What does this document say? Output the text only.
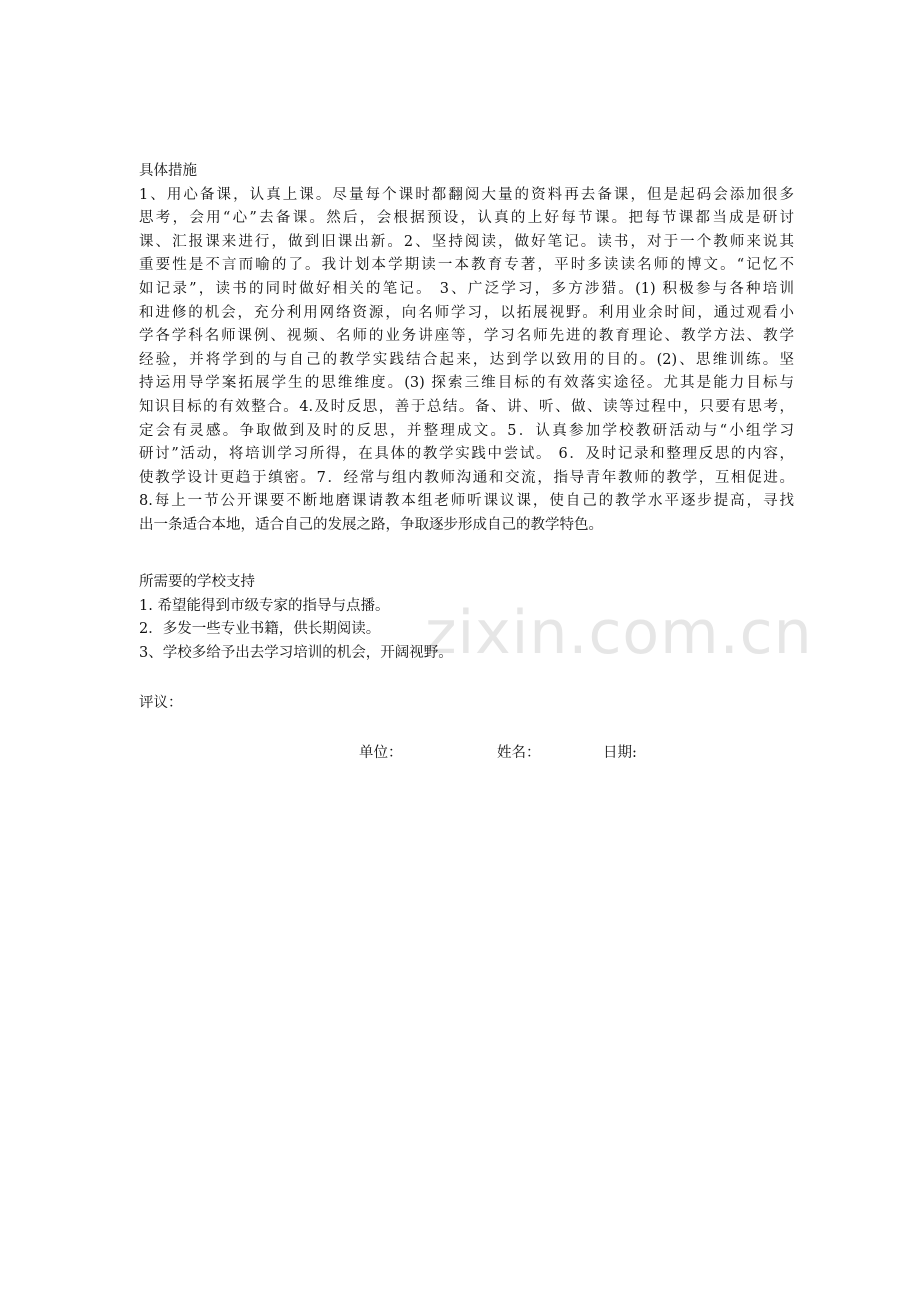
zixin.com.cn
具体措施
1、用心备课，认真上课。尽量每个课时都翻阅大量的资料再去备课，但是起码会添加很多
思考，会用“心”去备课。然后，会根据预设，认真的上好每节课。把每节课都当成是研讨
课、汇报课来进行，做到旧课出新。2、坚持阅读，做好笔记。读书，对于一个教师来说其
重要性是不言而喻的了。我计划本学期读一本教育专著，平时多读读名师的博文。“记忆不
如记录”，读书的同时做好相关的笔记。 3、广泛学习，多方涉猎。(1) 积极参与各种培训
和进修的机会，充分利用网络资源，向名师学习，以拓展视野。利用业余时间，通过观看小
学各学科名师课例、视频、名师的业务讲座等，学习名师先进的教育理论、教学方法、教学
经验，并将学到的与自己的教学实践结合起来，达到学以致用的目的。(2)、思维训练。坚
持运用导学案拓展学生的思维维度。(3) 探索三维目标的有效落实途径。尤其是能力目标与
知识目标的有效整合。4.及时反思，善于总结。备、讲、听、做、读等过程中，只要有思考，
定会有灵感。争取做到及时的反思，并整理成文。5．认真参加学校教研活动与“小组学习
研讨”活动，将培训学习所得，在具体的教学实践中尝试。 6．及时记录和整理反思的内容，
使教学设计更趋于缜密。7．经常与组内教师沟通和交流，指导青年教师的教学，互相促进。
8.每上一节公开课要不断地磨课请教本组老师听课议课，使自己的教学水平逐步提高，寻找
出一条适合本地，适合自己的发展之路，争取逐步形成自己的教学特色。
所需要的学校支持
1. 希望能得到市级专家的指导与点播。
2．多发一些专业书籍，供长期阅读。
3、学校多给予出去学习培训的机会，开阔视野。
评议：
单位：	姓名：	日期:
